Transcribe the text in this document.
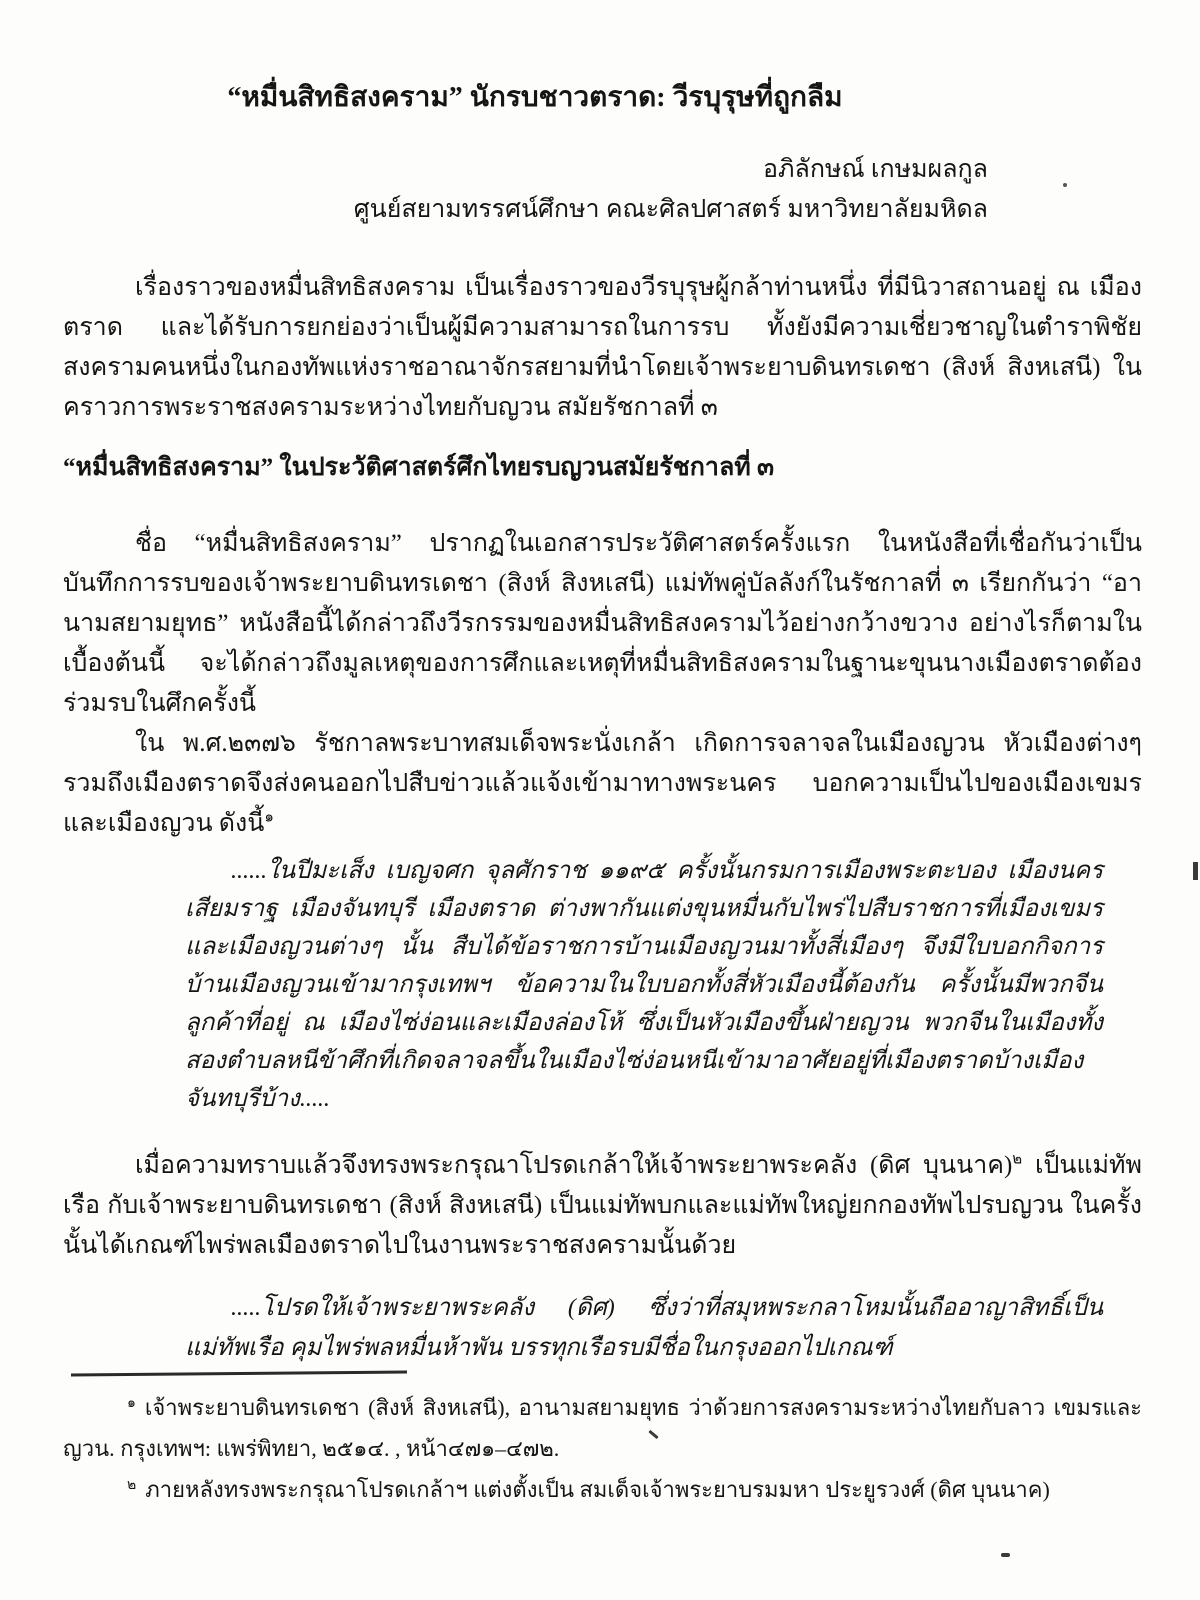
“หมื่นสิทธิสงคราม” นักรบชาวตราด: วีรบุรุษที่ถูกลืม
อภิลักษณ์ เกษมผลกูล
ศูนย์สยามทรรศน์ศึกษา คณะศิลปศาสตร์ มหาวิทยาลัยมหิดล

เรื่องราวของหมื่นสิทธิสงคราม เป็นเรื่องราวของวีรบุรุษผู้กล้าท่านหนึ่ง ที่มีนิวาสถานอยู่ ณ เมืองตราด และได้รับการยกย่องว่าเป็นผู้มีความสามารถในการรบ ทั้งยังมีความเชี่ยวชาญในตำราพิชัยสงครามคนหนึ่งในกองทัพแห่งราชอาณาจักรสยามที่นำโดยเจ้าพระยาบดินทรเดชา (สิงห์ สิงหเสนี) ในคราวการพระราชสงครามระหว่างไทยกับญวน สมัยรัชกาลที่ ๓

“หมื่นสิทธิสงคราม” ในประวัติศาสตร์ศึกไทยรบญวนสมัยรัชกาลที่ ๓

ชื่อ “หมื่นสิทธิสงคราม” ปรากฏในเอกสารประวัติศาสตร์ครั้งแรก ในหนังสือที่เชื่อกันว่าเป็นบันทึกการรบของเจ้าพระยาบดินทรเดชา (สิงห์ สิงหเสนี) แม่ทัพคู่บัลลังก์ในรัชกาลที่ ๓ เรียกกันว่า “อานามสยามยุทธ” หนังสือนี้ได้กล่าวถึงวีรกรรมของหมื่นสิทธิสงครามไว้อย่างกว้างขวาง อย่างไรก็ตามในเบื้องต้นนี้ จะได้กล่าวถึงมูลเหตุของการศึกและเหตุที่หมื่นสิทธิสงครามในฐานะขุนนางเมืองตราดต้องร่วมรบในศึกครั้งนี้

ใน พ.ศ.๒๓๗๖ รัชกาลพระบาทสมเด็จพระนั่งเกล้า เกิดการจลาจลในเมืองญวน หัวเมืองต่างๆ รวมถึงเมืองตราดจึงส่งคนออกไปสืบข่าวแล้วแจ้งเข้ามาทางพระนคร บอกความเป็นไปของเมืองเขมรและเมืองญวน ดังนี้$^๑$

......ในปีมะเส็ง เบญจศก จุลศักราช ๑๑๙๕ ครั้งนั้นกรมการเมืองพระตะบอง เมืองนครเสียมราฐ เมืองจันทบุรี เมืองตราด ต่างพากันแต่งขุนหมื่นกับไพร่ไปสืบราชการที่เมืองเขมรและเมืองญวนต่างๆ นั้น สืบได้ข้อราชการบ้านเมืองญวนมาทั้งสี่เมืองๆ จึงมีใบบอกกิจการบ้านเมืองญวนเข้ามากรุงเทพฯ ข้อความในใบบอกทั้งสี่หัวเมืองนี้ต้องกัน ครั้งนั้นมีพวกจีนลูกค้าที่อยู่ ณ เมืองไซ่ง่อนและเมืองล่องโห้ ซึ่งเป็นหัวเมืองขึ้นฝ่ายญวน พวกจีนในเมืองทั้งสองตำบลหนีข้าศึกที่เกิดจลาจลขึ้นในเมืองไซ่ง่อนหนีเข้ามาอาศัยอยู่ที่เมืองตราดบ้างเมืองจันทบุรีบ้าง.....

เมื่อความทราบแล้วจึงทรงพระกรุณาโปรดเกล้าให้เจ้าพระยาพระคลัง (ดิศ บุนนาค)$^๒$ เป็นแม่ทัพเรือ กับเจ้าพระยาบดินทรเดชา (สิงห์ สิงหเสนี) เป็นแม่ทัพบกและแม่ทัพใหญ่ยกกองทัพไปรบญวน ในครั้งนั้นได้เกณฑ์ไพร่พลเมืองตราดไปในงานพระราชสงครามนั้นด้วย

.....โปรดให้เจ้าพระยาพระคลัง (ดิศ) ซึ่งว่าที่สมุหพระกลาโหมนั้นถืออาญาสิทธิ์เป็นแม่ทัพเรือ คุมไพร่พลหมื่นห้าพัน บรรทุกเรือรบมีชื่อในกรุงออกไปเกณฑ์

$^๑$ เจ้าพระยาบดินทรเดชา (สิงห์ สิงหเสนี), อานามสยามยุทธ ว่าด้วยการสงครามระหว่างไทยกับลาว เขมรและญวน. กรุงเทพฯ: แพร่พิทยา, ๒๕๑๔. , หน้า๔๗๑–๔๗๒.

$^๒$ ภายหลังทรงพระกรุณาโปรดเกล้าฯ แต่งตั้งเป็น สมเด็จเจ้าพระยาบรมมหา ประยูรวงศ์ (ดิศ บุนนาค)
